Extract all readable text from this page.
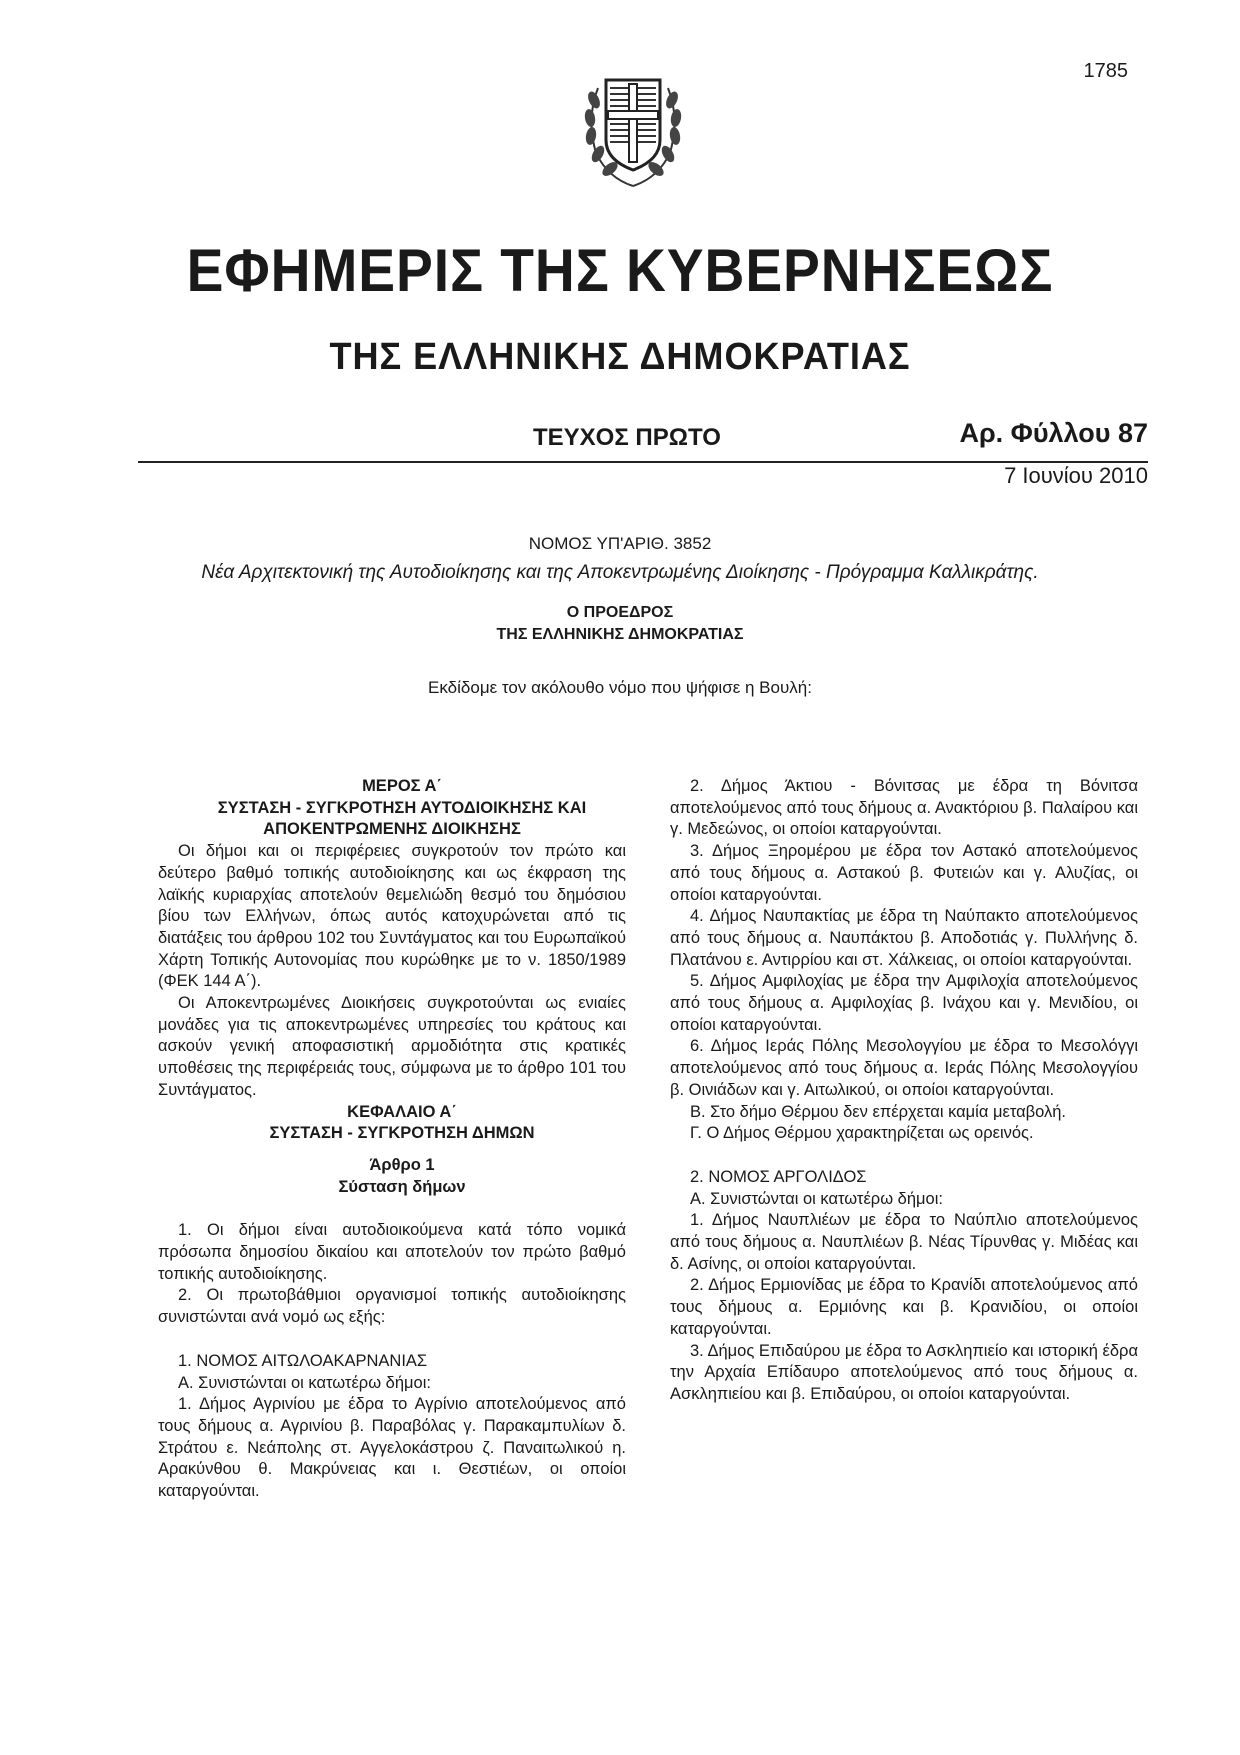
1785
ΕΦΗΜΕΡΙΣ ΤΗΣ ΚΥΒΕΡΝΗΣΕΩΣ
ΤΗΣ ΕΛΛΗΝΙΚΗΣ ΔΗΜΟΚΡΑΤΙΑΣ
ΤΕΥΧΟΣ ΠΡΩΤΟ	Αρ. Φύλλου 87
7 Ιουνίου 2010
ΝΟΜΟΣ ΥΠ'ΑΡΙΘ. 3852
Νέα Αρχιτεκτονική της Αυτοδιοίκησης και της Αποκεντρωμένης Διοίκησης - Πρόγραμμα Καλλικράτης.
Ο ΠΡΟΕΔΡΟΣ
ΤΗΣ ΕΛΛΗΝΙΚΗΣ ΔΗΜΟΚΡΑΤΙΑΣ
Εκδίδομε τον ακόλουθο νόμο που ψήφισε η Βουλή:

ΜΕΡΟΣ Α΄

ΣΥΣΤΑΣΗ - ΣΥΓΚΡΟΤΗΣΗ ΑΥΤΟΔΙΟΙΚΗΣΗΣ ΚΑΙ ΑΠΟΚΕΝΤΡΩΜΕΝΗΣ ΔΙΟΙΚΗΣΗΣ

Οι δήμοι και οι περιφέρειες συγκροτούν τον πρώτο και δεύτερο βαθμό τοπικής αυτοδιοίκησης και ως έκφραση της λαϊκής κυριαρχίας αποτελούν θεμελιώδη θεσμό του δημόσιου βίου των Ελλήνων, όπως αυτός κατοχυρώνεται από τις διατάξεις του άρθρου 102 του Συντάγματος και του Ευρωπαϊκού Χάρτη Τοπικής Αυτονομίας που κυρώθηκε με το ν. 1850/1989 (ΦΕΚ 144 Α΄).

Οι Αποκεντρωμένες Διοικήσεις συγκροτούνται ως ενιαίες μονάδες για τις αποκεντρωμένες υπηρεσίες του κράτους και ασκούν γενική αποφασιστική αρμοδιότητα στις κρατικές υποθέσεις της περιφέρειάς τους, σύμφωνα με το άρθρο 101 του Συντάγματος.

ΚΕΦΑΛΑΙΟ Α΄

ΣΥΣΤΑΣΗ - ΣΥΓΚΡΟΤΗΣΗ ΔΗΜΩΝ

Άρθρο 1

Σύσταση δήμων

1. Οι δήμοι είναι αυτοδιοικούμενα κατά τόπο νομικά πρόσωπα δημοσίου δικαίου και αποτελούν τον πρώτο βαθμό τοπικής αυτοδιοίκησης.

2. Οι πρωτοβάθμιοι οργανισμοί τοπικής αυτοδιοίκησης συνιστώνται ανά νομό ως εξής:

1. ΝΟΜΟΣ ΑΙΤΩΛΟΑΚΑΡΝΑΝΙΑΣ

Α. Συνιστώνται οι κατωτέρω δήμοι:

1. Δήμος Αγρινίου με έδρα το Αγρίνιο αποτελούμενος από τους δήμους α. Αγρινίου β. Παραβόλας γ. Παρακαμπυλίων δ. Στράτου ε. Νεάπολης στ. Αγγελοκάστρου ζ. Παναιτωλικού η. Αρακύνθου θ. Μακρύνειας και ι. Θεστιέων, οι οποίοι καταργούνται.

2. Δήμος Άκτιου - Βόνιτσας με έδρα τη Βόνιτσα αποτελούμενος από τους δήμους α. Ανακτόριου β. Παλαίρου και γ. Μεδεώνος, οι οποίοι καταργούνται.

3. Δήμος Ξηρομέρου με έδρα τον Αστακό αποτελούμενος από τους δήμους α. Αστακού β. Φυτειών και γ. Αλυζίας, οι οποίοι καταργούνται.

4. Δήμος Ναυπακτίας με έδρα τη Ναύπακτο αποτελούμενος από τους δήμους α. Ναυπάκτου β. Αποδοτιάς γ. Πυλλήνης δ. Πλατάνου ε. Αντιρρίου και στ. Χάλκειας, οι οποίοι καταργούνται.

5. Δήμος Αμφιλοχίας με έδρα την Αμφιλοχία αποτελούμενος από τους δήμους α. Αμφιλοχίας β. Ινάχου και γ. Μενιδίου, οι οποίοι καταργούνται.

6. Δήμος Ιεράς Πόλης Μεσολογγίου με έδρα το Μεσολόγγι αποτελούμενος από τους δήμους α. Ιεράς Πόλης Μεσολογγίου β. Οινιάδων και γ. Αιτωλικού, οι οποίοι καταργούνται.

Β. Στο δήμο Θέρμου δεν επέρχεται καμία μεταβολή.

Γ. Ο Δήμος Θέρμου χαρακτηρίζεται ως ορεινός.

2. ΝΟΜΟΣ ΑΡΓΟΛΙΔΟΣ

Α. Συνιστώνται οι κατωτέρω δήμοι:

1. Δήμος Ναυπλιέων με έδρα το Ναύπλιο αποτελούμενος από τους δήμους α. Ναυπλιέων β. Νέας Τίρυνθας γ. Μιδέας και δ. Ασίνης, οι οποίοι καταργούνται.

2. Δήμος Ερμιονίδας με έδρα το Κρανίδι αποτελούμενος από τους δήμους α. Ερμιόνης και β. Κρανιδίου, οι οποίοι καταργούνται.

3. Δήμος Επιδαύρου με έδρα το Ασκληπιείο και ιστορική έδρα την Αρχαία Επίδαυρο αποτελούμενος από τους δήμους α. Ασκληπιείου και β. Επιδαύρου, οι οποίοι καταργούνται.
